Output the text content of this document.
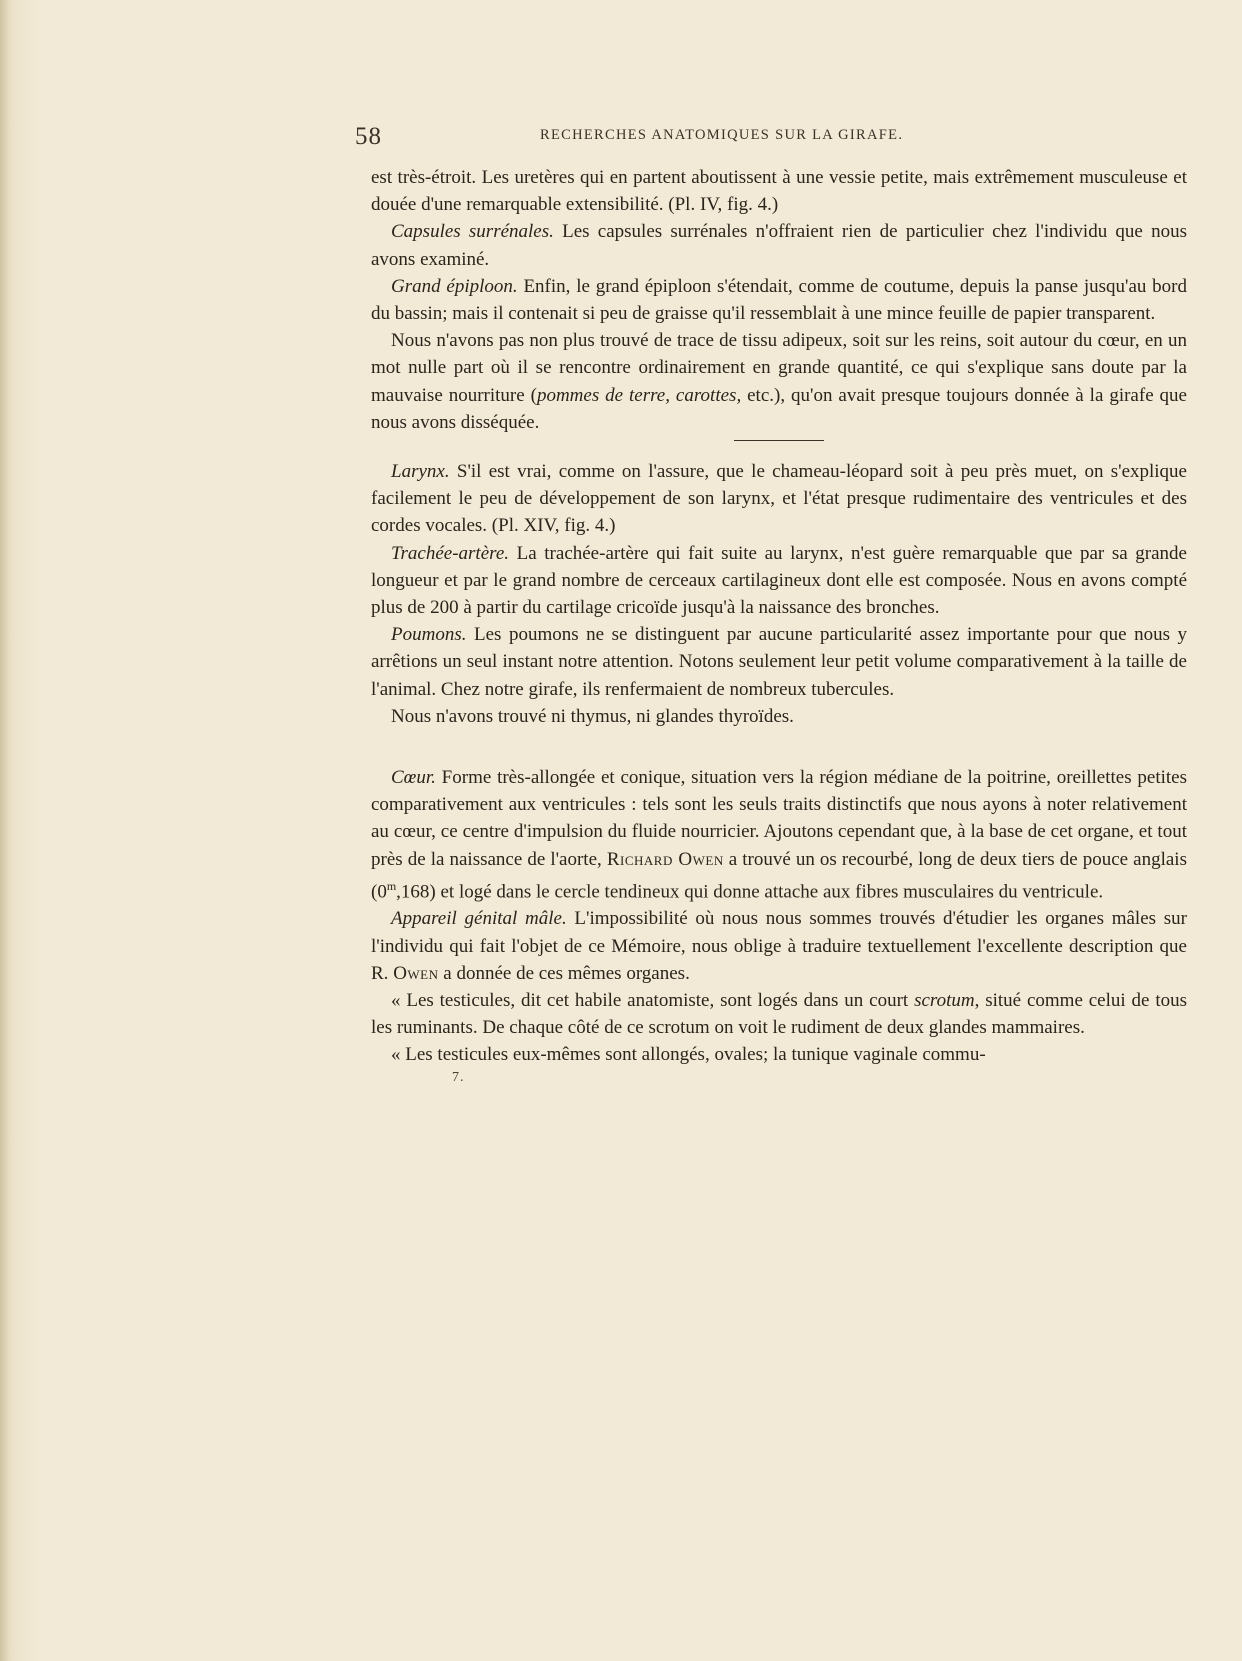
58	RECHERCHES ANATOMIQUES SUR LA GIRAFE.

est très-étroit. Les uretères qui en partent aboutissent à une vessie petite, mais extrêmement musculeuse et douée d'une remarquable extensibilité. (Pl. IV, fig. 4.)

Capsules surrénales. Les capsules surrénales n'offraient rien de particulier chez l'individu que nous avons examiné.

Grand épiploon. Enfin, le grand épiploon s'étendait, comme de coutume, depuis la panse jusqu'au bord du bassin; mais il contenait si peu de graisse qu'il ressemblait à une mince feuille de papier transparent.

Nous n'avons pas non plus trouvé de trace de tissu adipeux, soit sur les reins, soit autour du cœur, en un mot nulle part où il se rencontre ordinairement en grande quantité, ce qui s'explique sans doute par la mauvaise nourriture (pommes de terre, carottes, etc.), qu'on avait presque toujours donnée à la girafe que nous avons disséquée.

Larynx. S'il est vrai, comme on l'assure, que le chameau-léopard soit à peu près muet, on s'explique facilement le peu de développement de son larynx, et l'état presque rudimentaire des ventricules et des cordes vocales. (Pl. XIV, fig. 4.)

Trachée-artère. La trachée-artère qui fait suite au larynx, n'est guère remarquable que par sa grande longueur et par le grand nombre de cerceaux cartilagineux dont elle est composée. Nous en avons compté plus de 200 à partir du cartilage cricoïde jusqu'à la naissance des bronches.

Poumons. Les poumons ne se distinguent par aucune particularité assez importante pour que nous y arrêtions un seul instant notre attention. Notons seulement leur petit volume comparativement à la taille de l'animal. Chez notre girafe, ils renfermaient de nombreux tubercules.

Nous n'avons trouvé ni thymus, ni glandes thyroïdes.

Cœur. Forme très-allongée et conique, situation vers la région médiane de la poitrine, oreillettes petites comparativement aux ventricules : tels sont les seuls traits distinctifs que nous ayons à noter relativement au cœur, ce centre d'impulsion du fluide nourricier. Ajoutons cependant que, à la base de cet organe, et tout près de la naissance de l'aorte, Richard Owen a trouvé un os recourbé, long de deux tiers de pouce anglais (0$^m$,168) et logé dans le cercle tendineux qui donne attache aux fibres musculaires du ventricule.

Appareil génital mâle. L'impossibilité où nous nous sommes trouvés d'étudier les organes mâles sur l'individu qui fait l'objet de ce Mémoire, nous oblige à traduire textuellement l'excellente description que R. Owen a donnée de ces mêmes organes.

« Les testicules, dit cet habile anatomiste, sont logés dans un court scrotum, situé comme celui de tous les ruminants. De chaque côté de ce scrotum on voit le rudiment de deux glandes mammaires.

« Les testicules eux-mêmes sont allongés, ovales; la tunique vaginale commu-

7.
